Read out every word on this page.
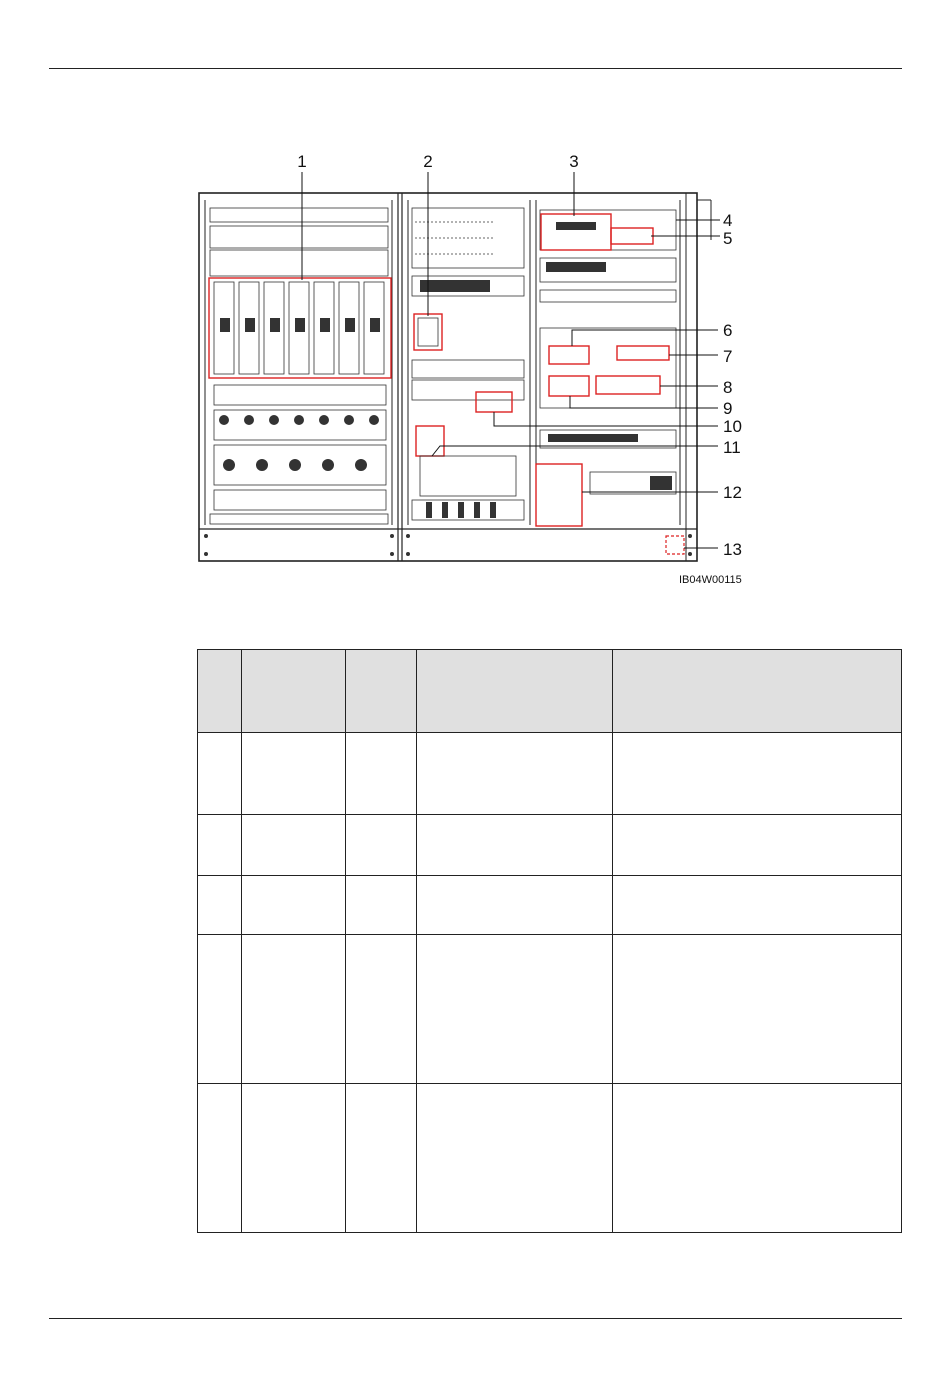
1	2	3
4
5
6
7
8
9
10
11
12
13
IB04W00115
